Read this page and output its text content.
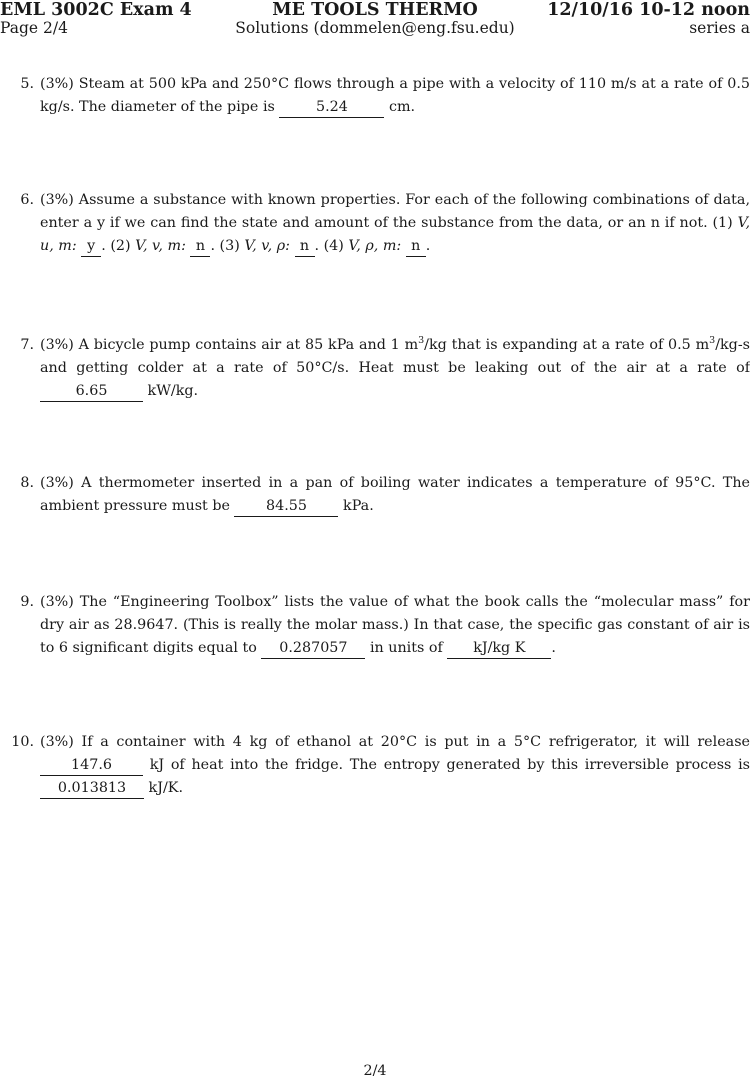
EML 3002C Exam 4	ME TOOLS THERMO	12/10/16 10-12 noon
Page 2/4	Solutions (dommelen@eng.fsu.edu)	series a
5. (3%) Steam at 500 kPa and 250°C flows through a pipe with a velocity of 110 m/s at a rate of 0.5 kg/s. The diameter of the pipe is	5.24	cm.
6. (3%) Assume a substance with known properties. For each of the following combinations of data, enter a y if we can find the state and amount of the substance from the data, or an n if not. (1) V, u, m: y . (2) V, v, m: n . (3) V, v, ρ: n . (4) V, ρ, m: n .
7. (3%) A bicycle pump contains air at 85 kPa and 1 $m^3/kg$ that is expanding at a rate of 0.5 $m^3/kg-s$ and getting colder at a rate of 50°C/s. Heat must be leaking out of the air at a rate of 6.65	kW/kg.
8. (3%) A thermometer inserted in a pan of boiling water indicates a temperature of 95°C. The ambient pressure must be	84.55	kPa.
9. (3%) The “Engineering Toolbox” lists the value of what the book calls the “molecular mass” for dry air as 28.9647. (This is really the molar mass.) In that case, the specific gas constant of air is to 6 significant digits equal to 0.287057 in units of kJ/kg K .
10. (3%) If a container with 4 kg of ethanol at 20°C is put in a 5°C refrigerator, it will release 147.6	kJ of heat into the fridge. The entropy generated by this irreversible process is 0.013813 kJ/K.
2/4
